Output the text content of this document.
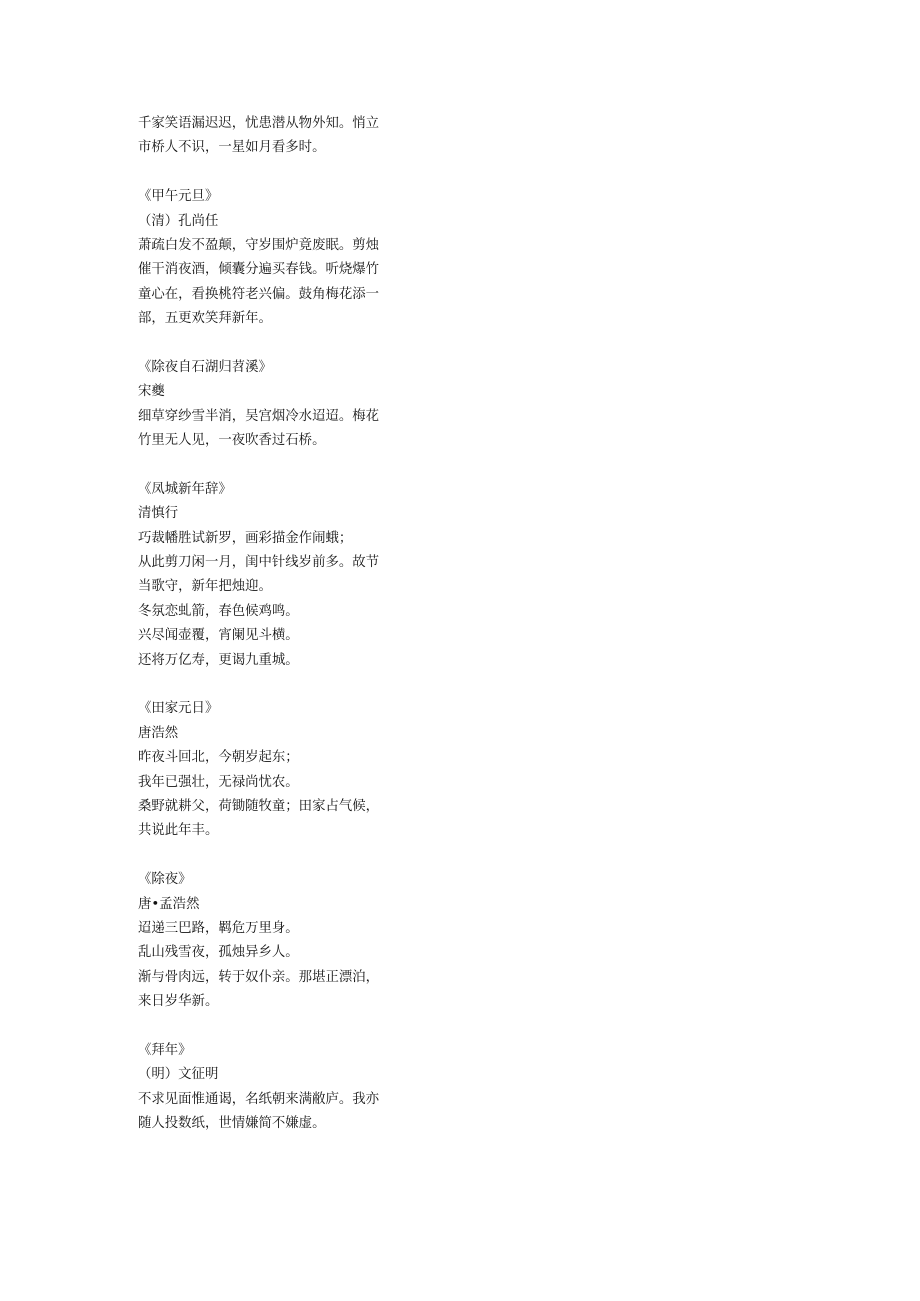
千家笑语漏迟迟，忧患潜从物外知。悄立
市桥人不识，一星如月看多时。
《甲午元旦》
（清）孔尚任
萧疏白发不盈颠，守岁围炉竟废眠。剪烛
催干消夜酒，倾囊分遍买春钱。听烧爆竹
童心在，看换桃符老兴偏。鼓角梅花添一
部，五更欢笑拜新年。
《除夜自石湖归苕溪》
宋夔
细草穿纱雪半消，吴宫烟冷水迢迢。梅花
竹里无人见，一夜吹香过石桥。
《凤城新年辞》
清慎行
巧裁幡胜试新罗，画彩描金作闹蛾；
从此剪刀闲一月，闺中针线岁前多。故节
当歌守，新年把烛迎。
冬氛恋虬箭，春色候鸡鸣。
兴尽闻壶覆，宵阑见斗横。
还将万亿寿，更谒九重城。
《田家元日》
唐浩然
昨夜斗回北，今朝岁起东；
我年已强壮，无禄尚忧农。
桑野就耕父，荷锄随牧童；田家占气候，
共说此年丰。
《除夜》
唐•孟浩然
迢递三巴路，羁危万里身。
乱山残雪夜，孤烛异乡人。
渐与骨肉远，转于奴仆亲。那堪正漂泊，
来日岁华新。
《拜年》
（明）文征明
不求见面惟通谒，名纸朝来满敝庐。我亦
随人投数纸，世情嫌简不嫌虚。
